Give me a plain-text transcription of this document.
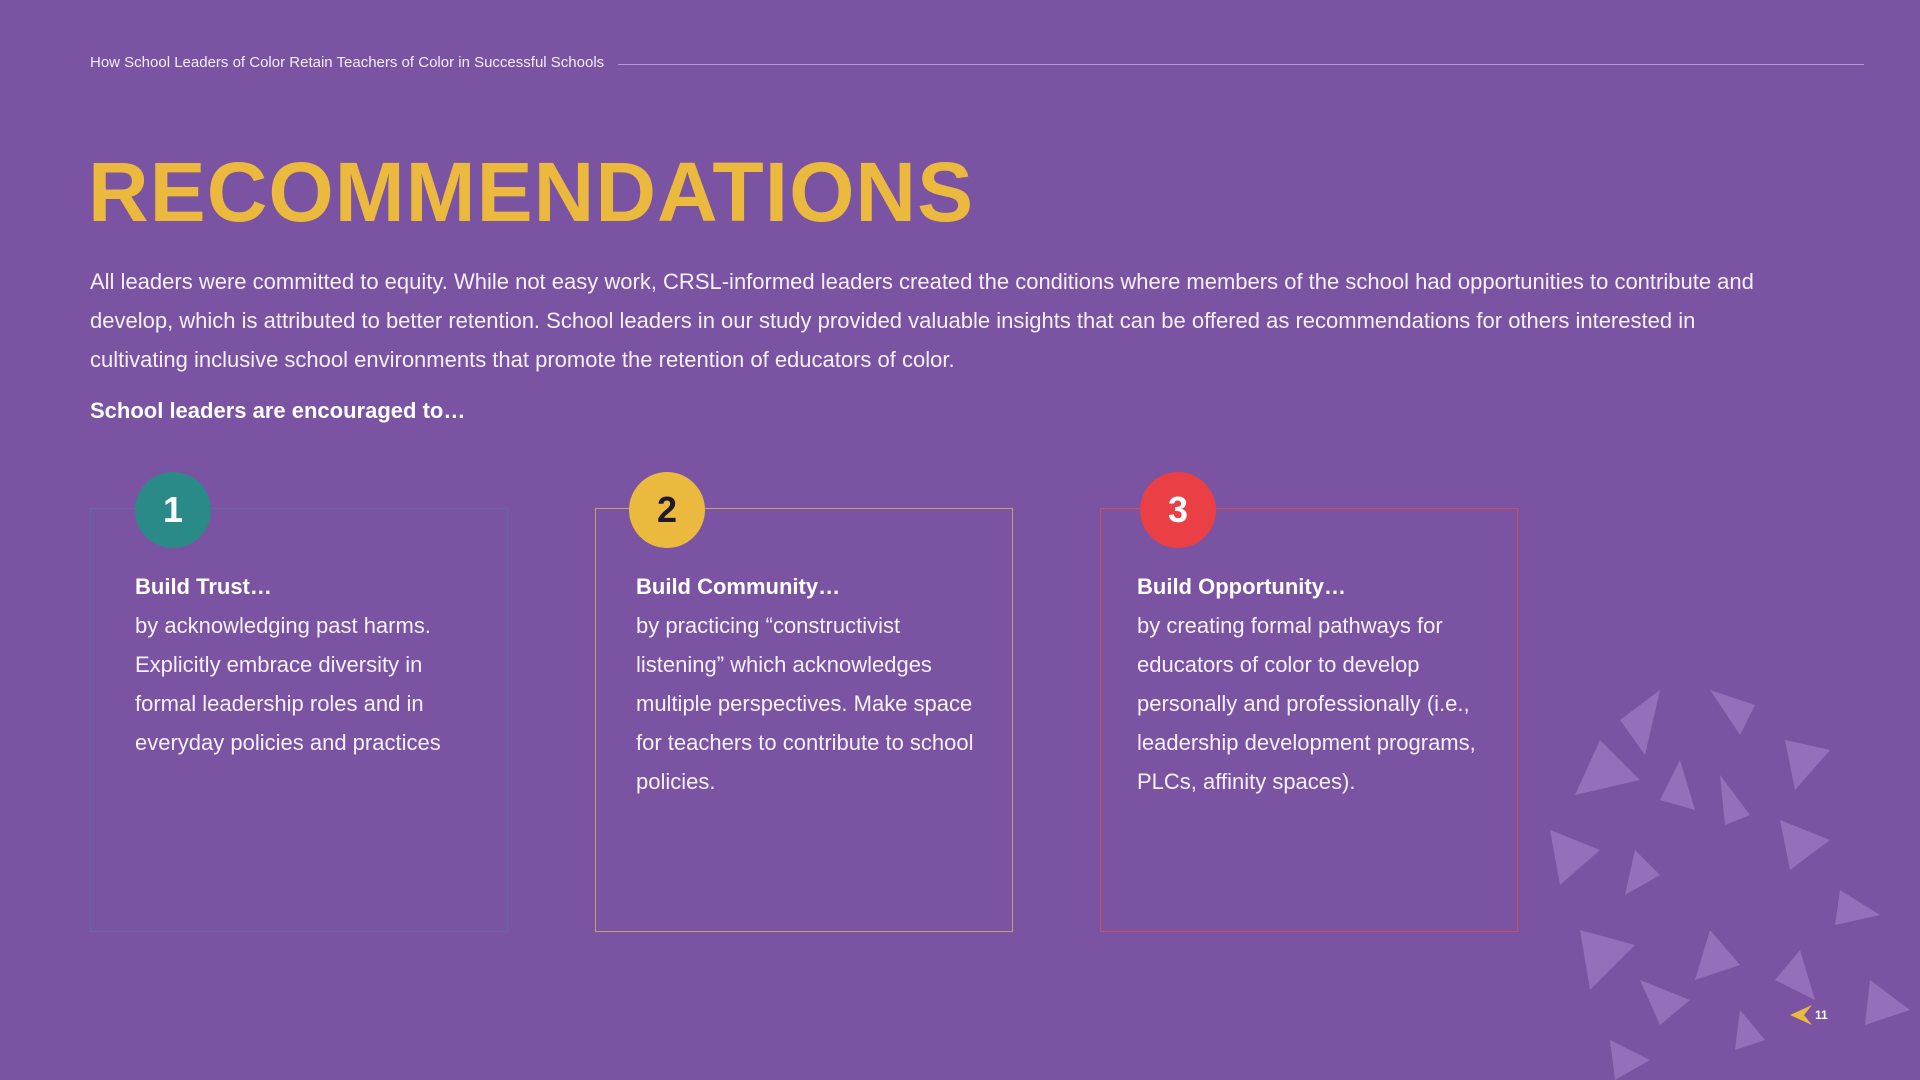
How School Leaders of Color Retain Teachers of Color in Successful Schools
RECOMMENDATIONS

All leaders were committed to equity. While not easy work, CRSL-informed leaders created the conditions where members of the school had opportunities to contribute and develop, which is attributed to better retention. School leaders in our study provided valuable insights that can be offered as recommendations for others interested in cultivating inclusive school environments that promote the retention of educators of color.

School leaders are encouraged to…

1
Build Trust…
by acknowledging past harms. Explicitly embrace diversity in formal leadership roles and in everyday policies and practices
2
Build Community…
by practicing “constructivist listening” which acknowledges multiple perspectives. Make space for teachers to contribute to school policies.
3
Build Opportunity…
by creating formal pathways for educators of color to develop personally and professionally (i.e., leadership development programs, PLCs, affinity spaces).
11
